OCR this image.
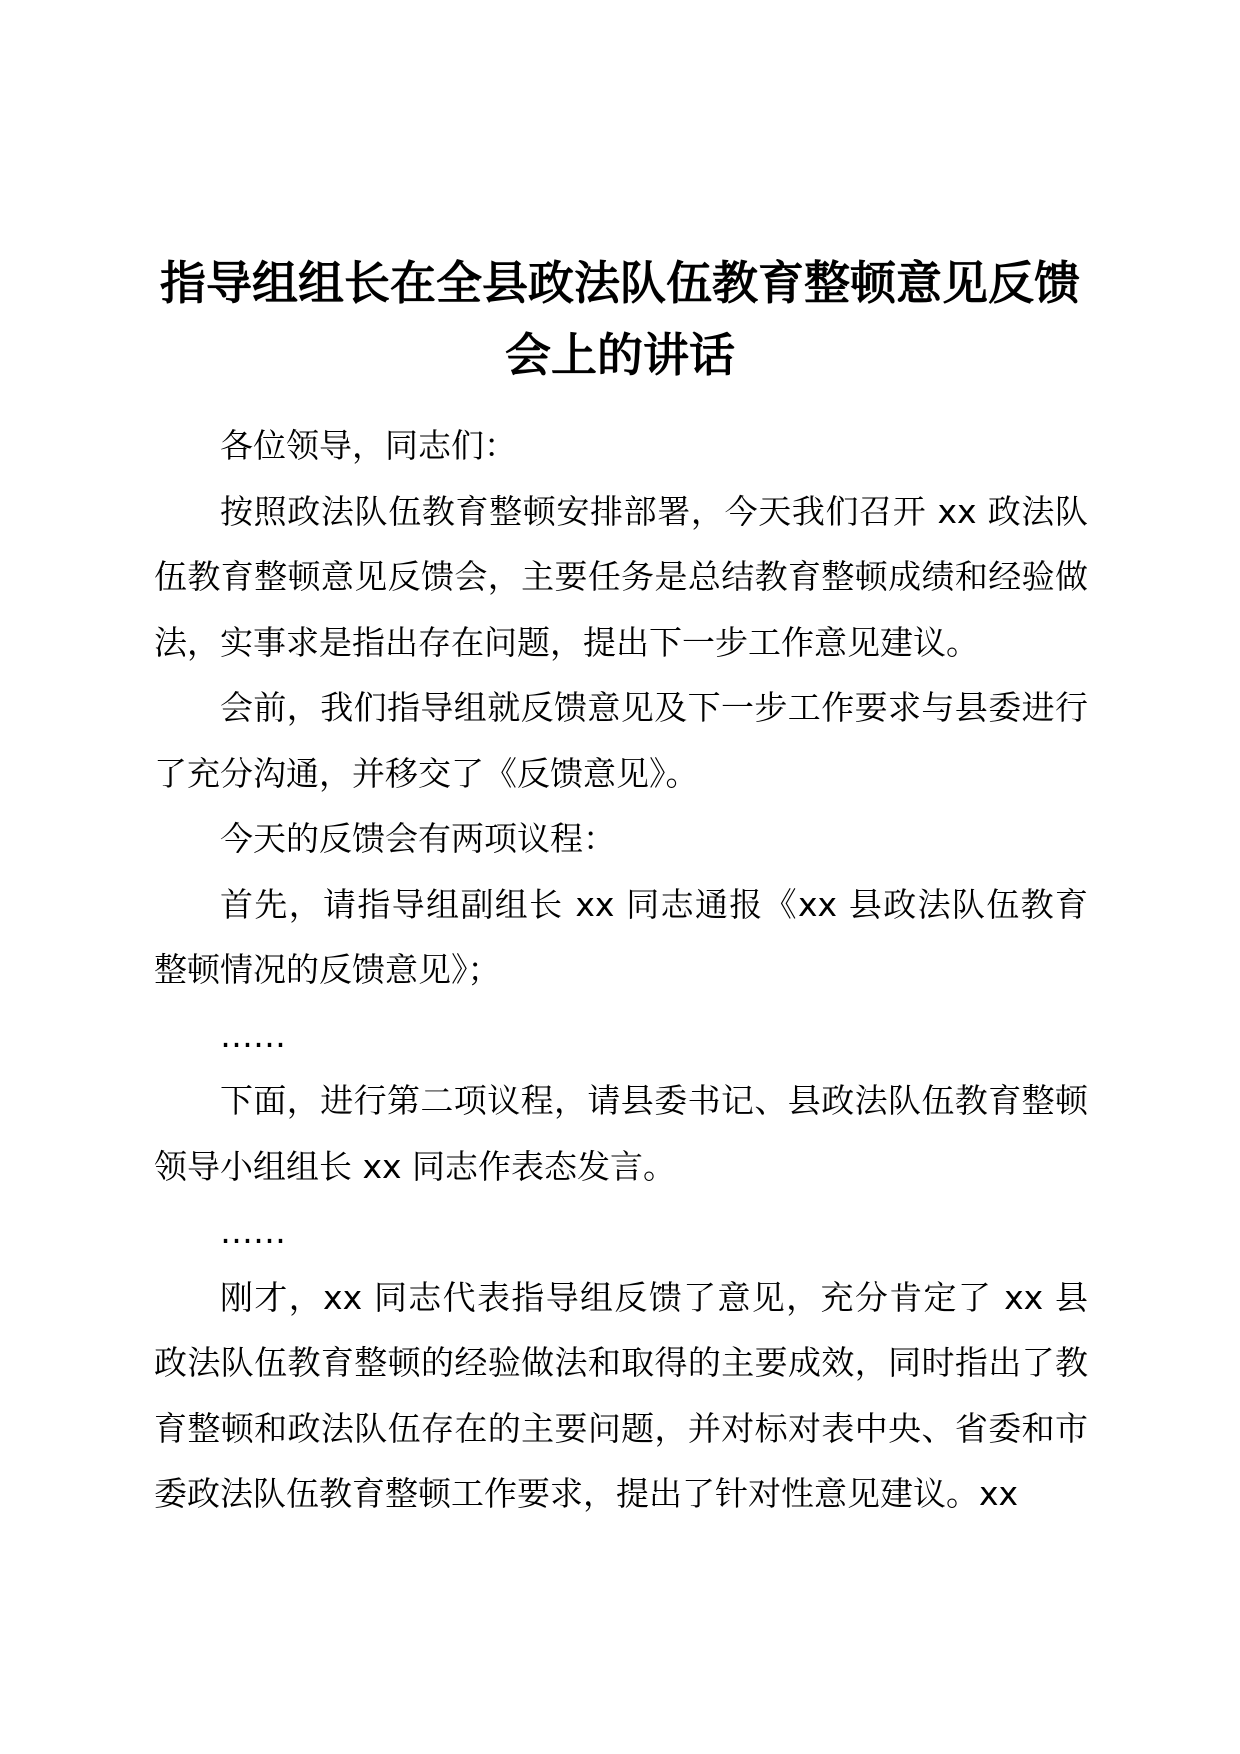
指导组组长在全县政法队伍教育整顿意见反馈
会上的讲话

各位领导，同志们：

按照政法队伍教育整顿安排部署，今天我们召开 xx 政法队伍教育整顿意见反馈会，主要任务是总结教育整顿成绩和经验做法，实事求是指出存在问题，提出下一步工作意见建议。

会前，我们指导组就反馈意见及下一步工作要求与县委进行了充分沟通，并移交了《反馈意见》。

今天的反馈会有两项议程：

首先，请指导组副组长 xx 同志通报《xx 县政法队伍教育整顿情况的反馈意见》；

……

下面，进行第二项议程，请县委书记、县政法队伍教育整顿领导小组组长 xx 同志作表态发言。

……

刚才，xx 同志代表指导组反馈了意见，充分肯定了 xx 县政法队伍教育整顿的经验做法和取得的主要成效，同时指出了教育整顿和政法队伍存在的主要问题，并对标对表中央、省委和市委政法队伍教育整顿工作要求，提出了针对性意见建议。xx
